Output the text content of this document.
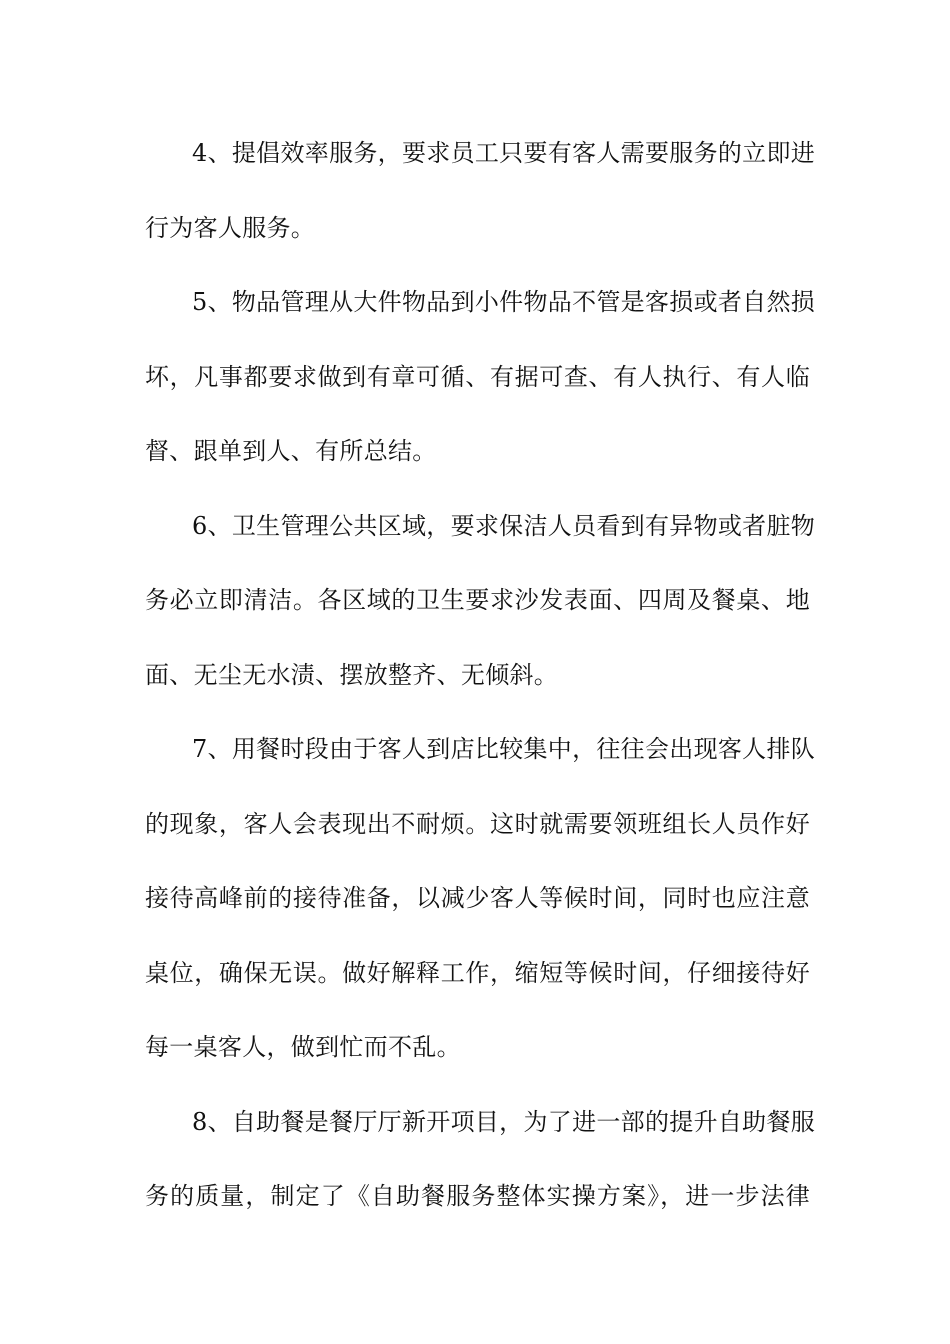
4、提倡效率服务，要求员工只要有客人需要服务的立即进
行为客人服务。
5、物品管理从大件物品到小件物品不管是客损或者自然损
坏，凡事都要求做到有章可循、有据可查、有人执行、有人临
督、跟单到人、有所总结。
6、卫生管理公共区域，要求保洁人员看到有异物或者脏物
务必立即清洁。各区域的卫生要求沙发表面、四周及餐桌、地
面、无尘无水渍、摆放整齐、无倾斜。
7、用餐时段由于客人到店比较集中，往往会出现客人排队
的现象，客人会表现出不耐烦。这时就需要领班组长人员作好
接待高峰前的接待准备，以减少客人等候时间，同时也应注意
桌位，确保无误。做好解释工作，缩短等候时间，仔细接待好
每一桌客人，做到忙而不乱。
8、自助餐是餐厅厅新开项目，为了进一部的提升自助餐服
务的质量，制定了《自助餐服务整体实操方案》，进一步法律
